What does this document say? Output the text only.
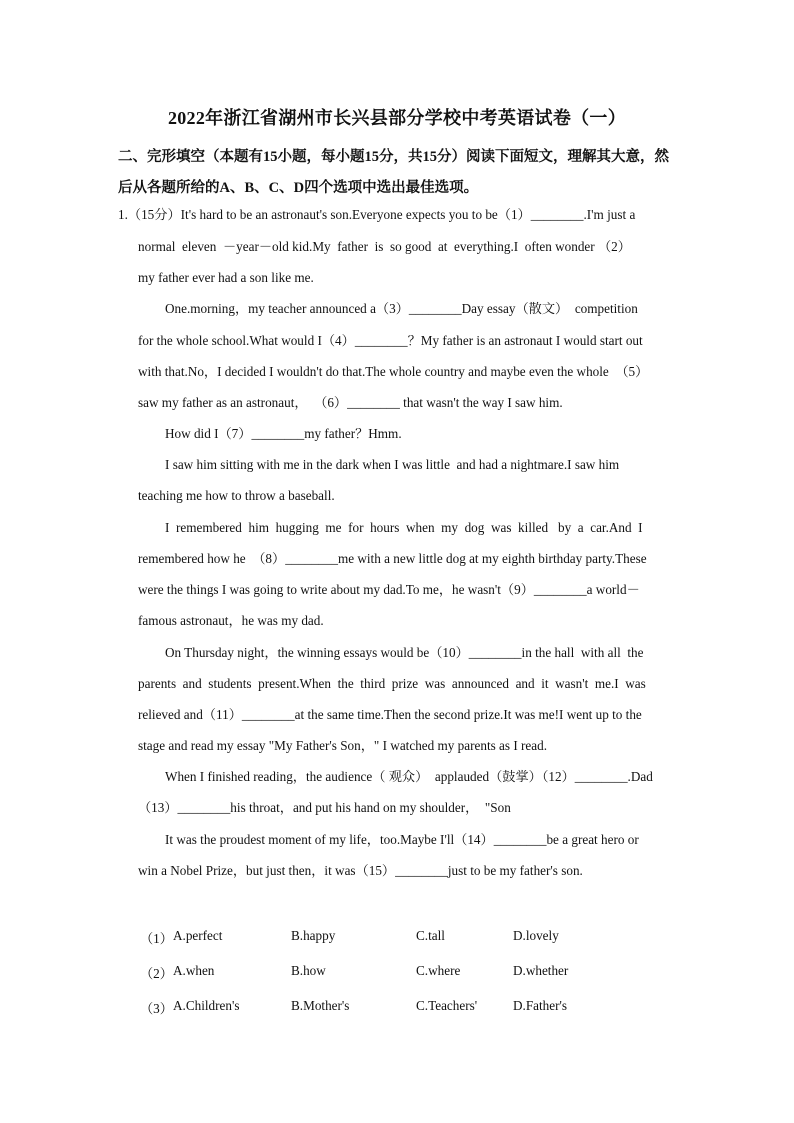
2022年浙江省湖州市长兴县部分学校中考英语试卷（一）
二、完形填空（本题有15小题，每小题15分，共15分）阅读下面短文，理解其大意，然后从各题所给的A、B、C、D四个选项中选出最佳选项。
1.（15分）It's hard to be an astronaut's son.Everyone expects you to be（1）________.I'm just a
normal  eleven  －year－old kid.My  father  is  so good  at  everything.I  often wonder （2）
my father ever had a son like me.
One.morning，my teacher announced a（3）________Day essay（散文）  competition
for the whole school.What would I（4）________？My father is an astronaut I would start out
with that.No，I decided I wouldn't do that.The whole country and maybe even the whole  （5）
saw my father as an astronaut，  （6）________ that wasn't the way I saw him.
How did I（7）________my father？Hmm.
I saw him sitting with me in the dark when I was little  and had a nightmare.I saw him
teaching me how to throw a baseball.
I  remembered  him  hugging  me  for  hours  when  my  dog  was  killed   by  a  car.And  I
remembered how he  （8）________me with a new little dog at my eighth birthday party.These
were the things I was going to write about my dad.To me，he wasn't（9）________a world－
famous astronaut，he was my dad.
On Thursday night，the winning essays would be（10）________in the hall  with all  the
parents  and  students  present.When  the  third  prize  was  announced  and  it  wasn't  me.I  was
relieved and（11）________at the same time.Then the second prize.It was me!I went up to the
stage and read my essay "My Father's Son，" I watched my parents as I read.
When I finished reading，the audience（ 观众）  applauded（鼓掌）（12）________.Dad
（13）________his throat，and put his hand on my shoulder，  "Son
It was the proudest moment of my life，too.Maybe I'll（14）________be a great hero or
win a Nobel Prize，but just then，it was（15）________just to be my father's son.
（1） A.perfect	B.happy	C.tall	D.lovely
（2） A.when	B.how	C.where	D.whether
（3） A.Children's	B.Mother's	C.Teachers'	D.Father's
